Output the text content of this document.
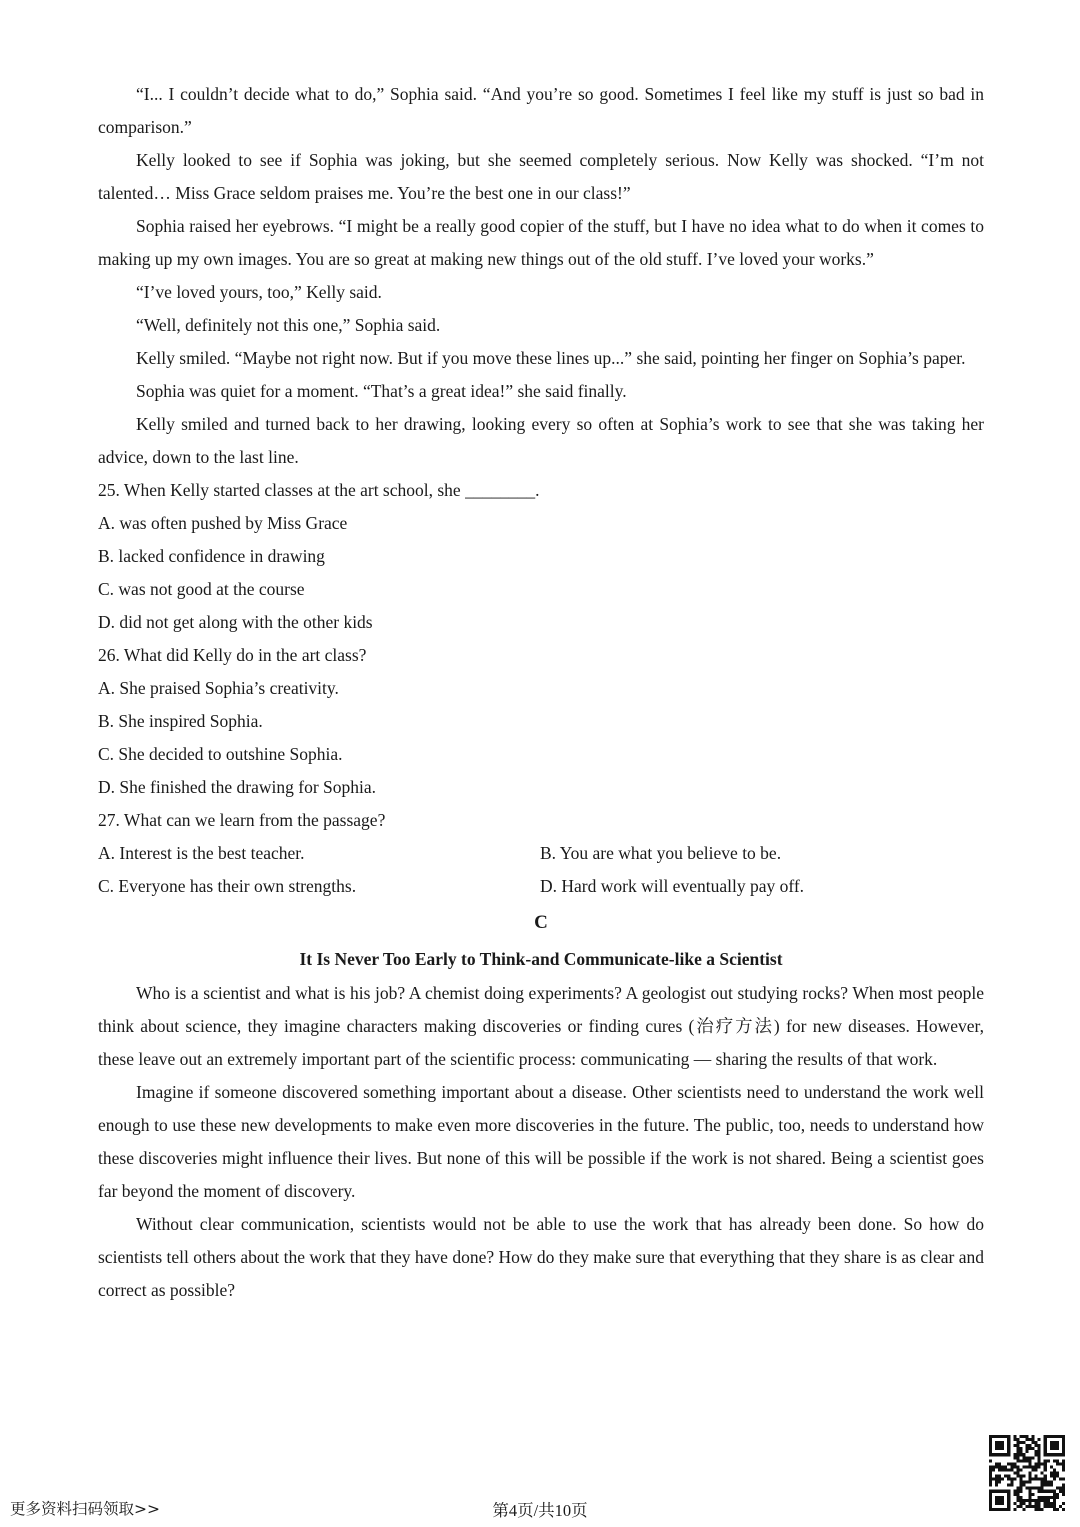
“I... I couldn’t decide what to do,” Sophia said. “And you’re so good. Sometimes I feel like my stuff is just so bad in comparison.”

Kelly looked to see if Sophia was joking, but she seemed completely serious. Now Kelly was shocked. “I’m not talented… Miss Grace seldom praises me. You’re the best one in our class!”

Sophia raised her eyebrows. “I might be a really good copier of the stuff, but I have no idea what to do when it comes to making up my own images. You are so great at making new things out of the old stuff. I’ve loved your works.”

“I’ve loved yours, too,” Kelly said.

“Well, definitely not this one,” Sophia said.

Kelly smiled. “Maybe not right now. But if you move these lines up...” she said, pointing her finger on Sophia’s paper.

Sophia was quiet for a moment. “That’s a great idea!” she said finally.

Kelly smiled and turned back to her drawing, looking every so often at Sophia’s work to see that she was taking her advice, down to the last line.

25. When Kelly started classes at the art school, she ________.

A. was often pushed by Miss Grace

B. lacked confidence in drawing

C. was not good at the course

D. did not get along with the other kids

26. What did Kelly do in the art class?

A. She praised Sophia’s creativity.

B. She inspired Sophia.

C. She decided to outshine Sophia.

D. She finished the drawing for Sophia.

27. What can we learn from the passage?

A. Interest is the best teacher.	B. You are what you believe to be.
C. Everyone has their own strengths.	D. Hard work will eventually pay off.

C

It Is Never Too Early to Think-and Communicate-like a Scientist

Who is a scientist and what is his job? A chemist doing experiments? A geologist out studying rocks? When most people think about science, they imagine characters making discoveries or finding cures (治疗方法) for new diseases. However, these leave out an extremely important part of the scientific process: communicating — sharing the results of that work.

Imagine if someone discovered something important about a disease. Other scientists need to understand the work well enough to use these new developments to make even more discoveries in the future. The public, too, needs to understand how these discoveries might influence their lives. But none of this will be possible if the work is not shared. Being a scientist goes far beyond the moment of discovery.

Without clear communication, scientists would not be able to use the work that has already been done. So how do scientists tell others about the work that they have done? How do they make sure that everything that they share is as clear and correct as possible?

更多资料扫码领取>>	第4页/共10页
